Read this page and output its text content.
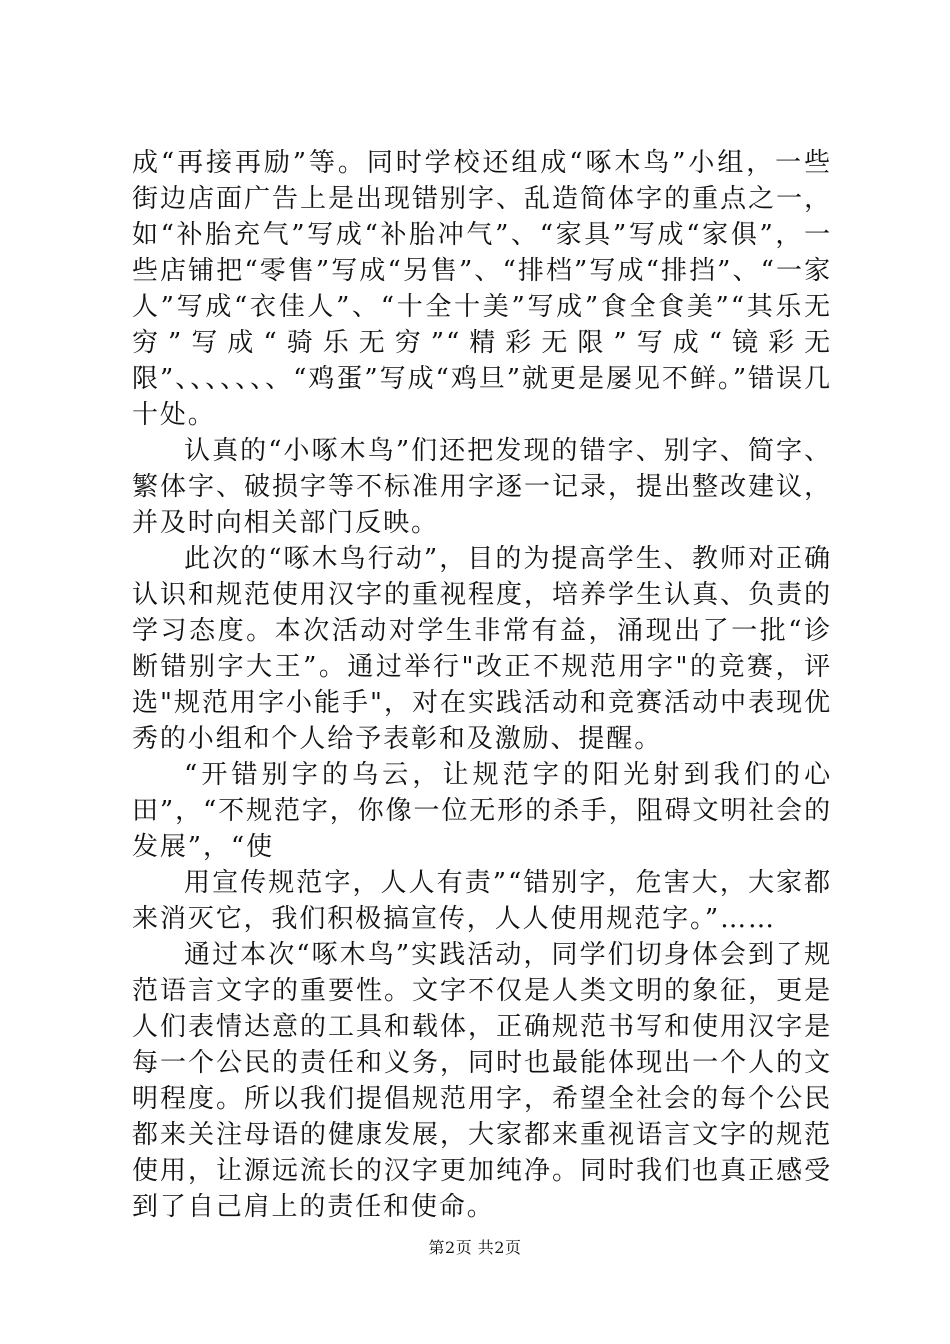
成“再接再励”等。同时学校还组成“啄木鸟”小组，一些街边店面广告上是出现错别字、乱造简体字的重点之一，如“补胎充气”写成“补胎冲气”、“家具”写成“家俱”，一些店铺把“零售”写成“另售”、“排档”写成“排挡”、“一家人”写成“衣佳人”、“十全十美”写成”食全食美”“其乐无穷”写成“骑乐无穷”“精彩无限”写成“镜彩无限”、、、、、、、“鸡蛋”写成“鸡旦”就更是屡见不鲜。”错误几十处。

认真的“小啄木鸟”们还把发现的错字、别字、简字、繁体字、破损字等不标准用字逐一记录，提出整改建议，并及时向相关部门反映。

此次的“啄木鸟行动”，目的为提高学生、教师对正确认识和规范使用汉字的重视程度，培养学生认真、负责的学习态度。本次活动对学生非常有益，涌现出了一批“诊断错别字大王”。通过举行"改正不规范用字"的竞赛，评选"规范用字小能手"，对在实践活动和竞赛活动中表现优秀的小组和个人给予表彰和及激励、提醒。

“开错别字的乌云，让规范字的阳光射到我们的心田”，“不规范字，你像一位无形的杀手，阻碍文明社会的发展”，“使

用宣传规范字，人人有责”“错别字，危害大，大家都来消灭它，我们积极搞宣传，人人使用规范字。”……

通过本次“啄木鸟”实践活动，同学们切身体会到了规范语言文字的重要性。文字不仅是人类文明的象征，更是人们表情达意的工具和载体，正确规范书写和使用汉字是每一个公民的责任和义务，同时也最能体现出一个人的文明程度。所以我们提倡规范用字，希望全社会的每个公民都来关注母语的健康发展，大家都来重视语言文字的规范使用，让源远流长的汉字更加纯净。同时我们也真正感受到了自己肩上的责任和使命。

第2页 共2页
